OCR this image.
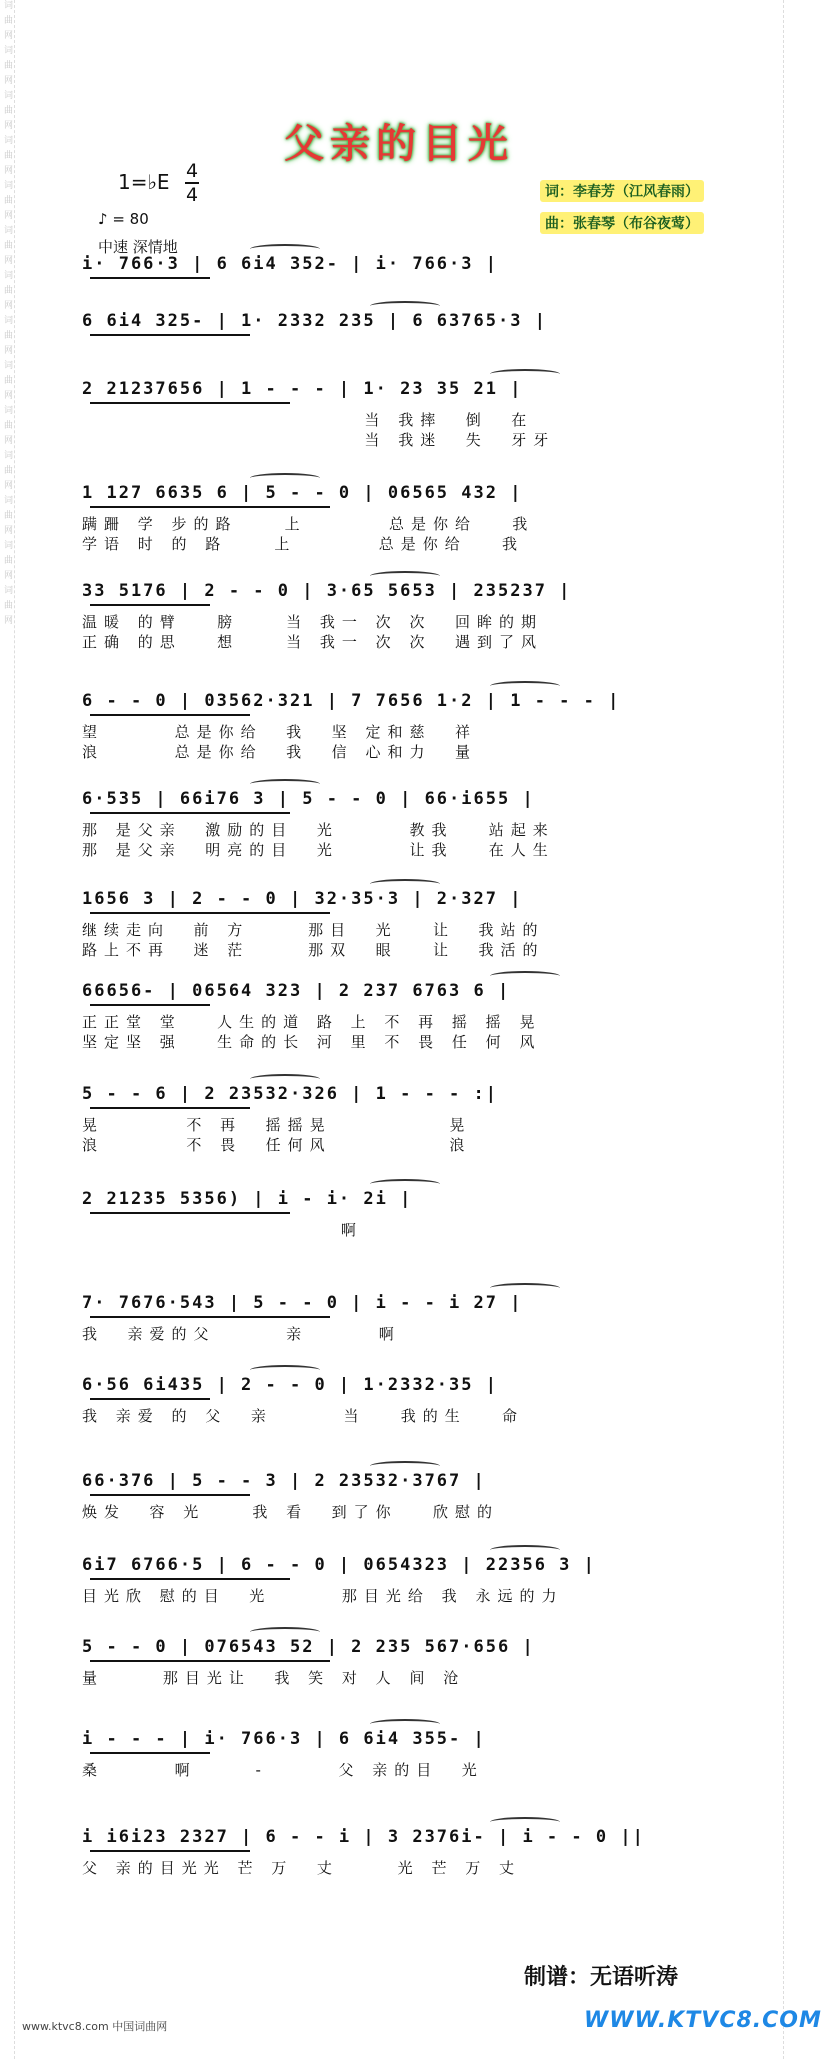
词曲网词曲网词曲网词曲网词曲网词曲网词曲网词曲网词曲网词曲网词曲网词曲网词曲网词曲网	父亲的目光
1=♭E 4
4
♪ = 80
中速 深情地
词：李春芳（江风春雨）
曲：张春琴（布谷夜莺）
i· 766·3 | 6 6i4 352- | i· 766·3 |
6 6i4 325- | 1· 2332 235 | 6 63765·3 |
2 21237656 | 1 - - - | 1· 23 35 21 |
当 我摔  倒  在
当 我迷  失  牙牙
1 127 6635 6 | 5 - - 0 | 06565 432 |
蹒跚 学 步的路    上       总是你给   我
学语 时 的 路    上       总是你给   我
33 5176 | 2 - - 0 | 3·65 5653 | 235237 |
温暖 的臂   膀    当 我一 次 次  回眸的期
正确 的思   想    当 我一 次 次  遇到了风
6 - - 0 | 03562·321 | 7 7656 1·2 | 1 - - - |
望      总是你给  我  坚 定和慈  祥
浪      总是你给  我  信 心和力  量
6·535 | 66i76 3 | 5 - - 0 | 66·i655 |
那 是父亲  激励的目  光      教我   站起来
那 是父亲  明亮的目  光      让我   在人生
1656 3 | 2 - - 0 | 32·35·3 | 2·327 |
继续走向  前 方     那目  光   让  我站的
路上不再  迷 茫     那双  眼   让  我活的
66656- | 06564 323 | 2 237 6763 6 |
正正堂 堂   人生的道 路 上 不 再 摇 摇 晃
坚定坚 强   生命的长 河 里 不 畏 任 何 风
5 - - 6 | 2 23532·326 | 1 - - - :|
晃       不 再  摇摇晃          晃
浪       不 畏  任何风          浪
2 21235 5356) | i - i· 2i |
啊
7· 7676·543 | 5 - - 0 | i - - i 27 |
我  亲爱的父      亲      啊
6·56 6i435 | 2 - - 0 | 1·2332·35 |
我 亲爱 的 父  亲      当   我的生   命
66·376 | 5 - - 3 | 2 23532·3767 |
焕发  容 光    我 看  到了你   欣慰的
6i7 6766·5 | 6 - - 0 | 0654323 | 22356 3 |
目光欣 慰的目  光      那目光给 我 永远的力
5 - - 0 | 076543 52 | 2 235 567·656 |
量     那目光让  我 笑 对 人 间 沧
i - - - | i· 766·3 | 6 6i4 355- |
桑      啊     -      父 亲的目  光
i i6i23 2327 | 6 - - i | 3 2376i- | i - - 0 ||
父 亲的目光光 芒 万  丈     光 芒 万 丈
制谱：无语听涛
www.ktvc8.com 中国词曲网	WWW.KTVC8.COM
